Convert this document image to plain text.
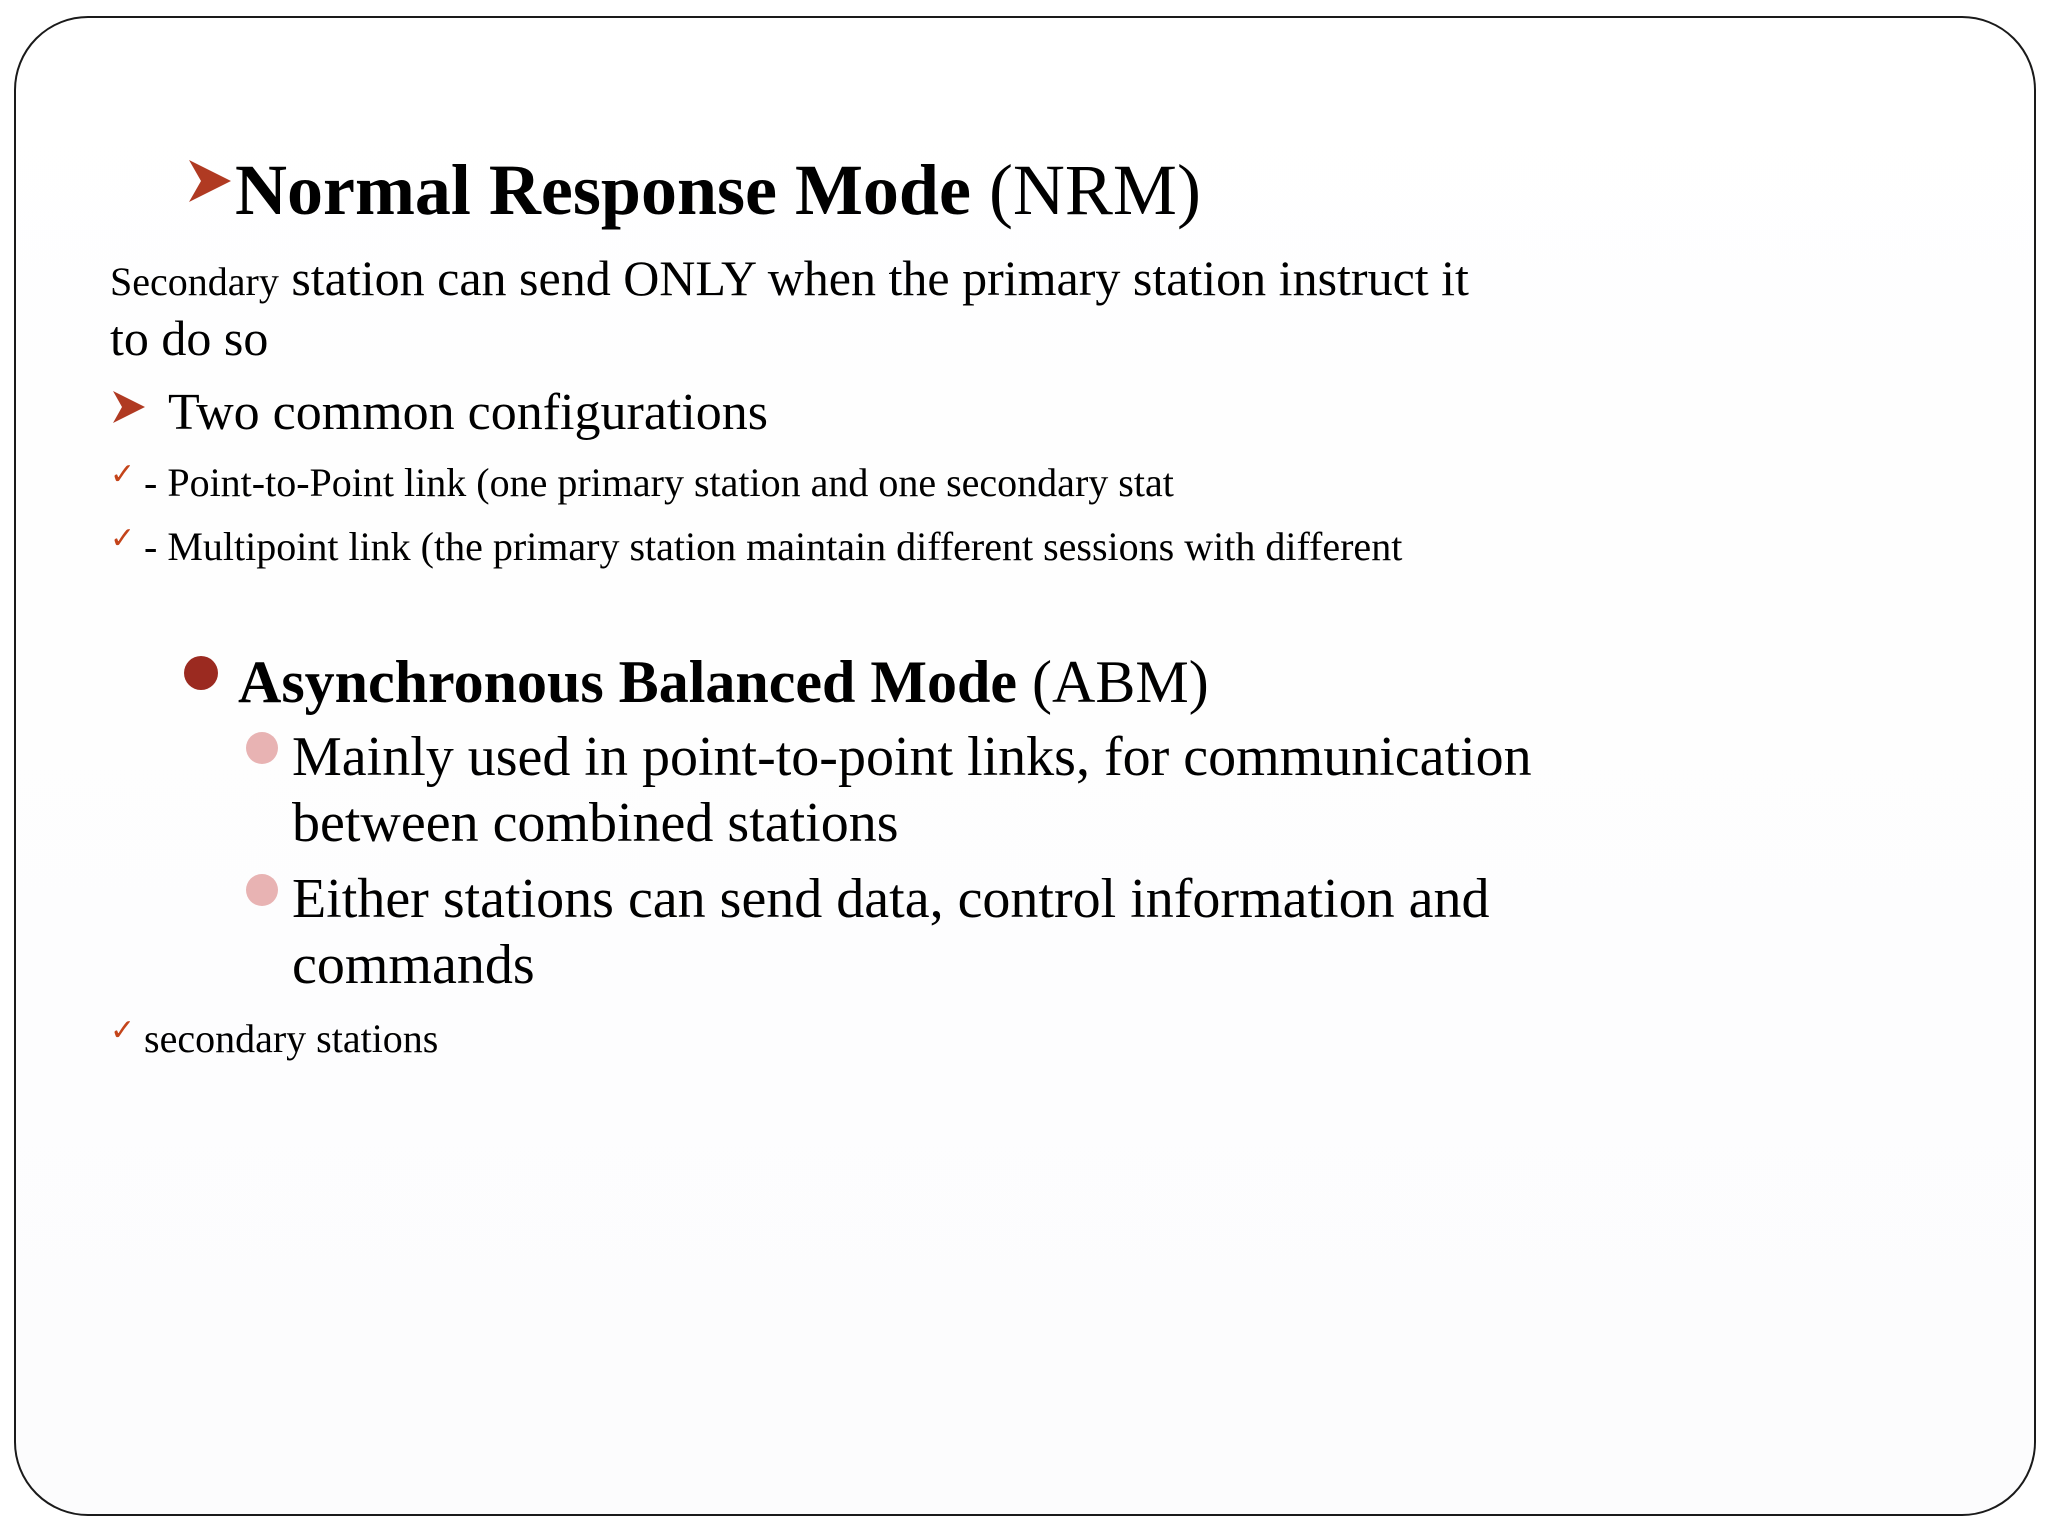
Normal Response Mode (NRM)
Secondary station can send ONLY when the primary station instruct it
to do so
Two common configurations
✓ - Point-to-Point link (one primary station and one secondary stat
✓ - Multipoint link (the primary station maintain different sessions with different
Asynchronous Balanced Mode (ABM)
Mainly used in point-to-point links, for communication
between combined stations
Either stations can send data, control information and
commands
✓ secondary stations
